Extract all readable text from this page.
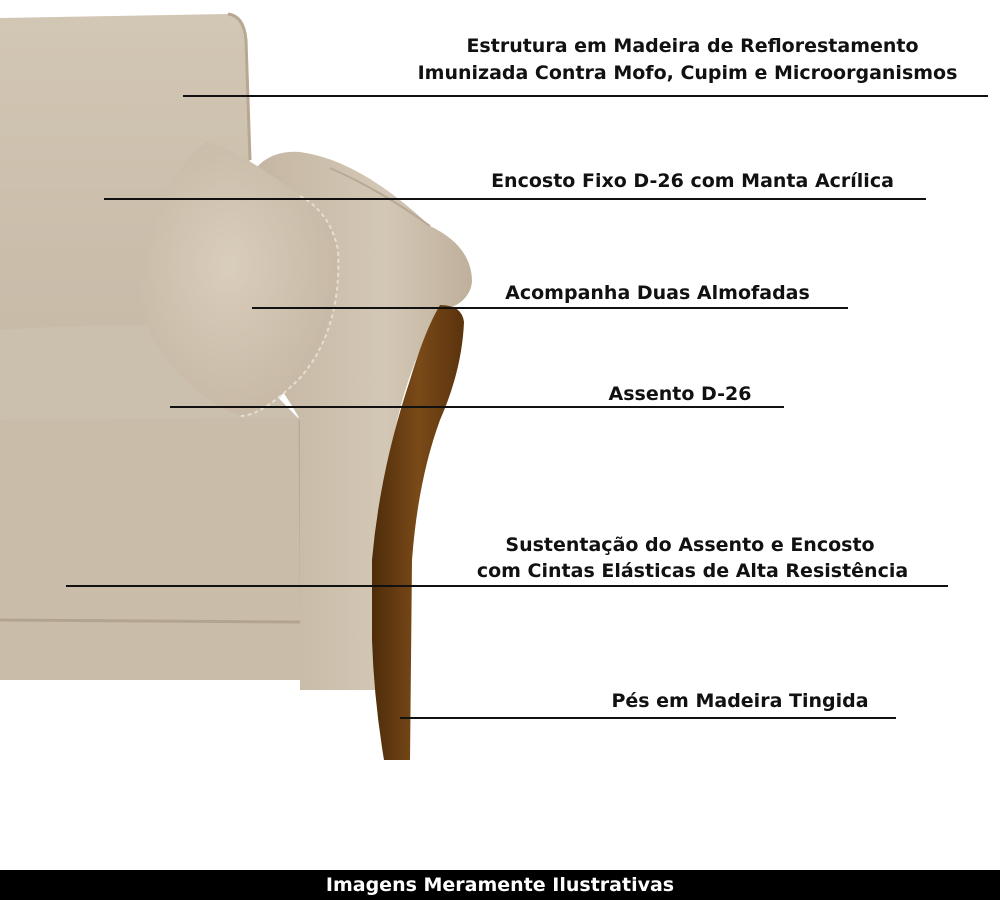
Estrutura em Madeira de Reflorestamento
Imunizada Contra Mofo, Cupim e Microorganismos
Encosto Fixo D-26 com Manta Acrílica
Acompanha Duas Almofadas
Assento D-26
Sustentação do Assento e Encosto
com Cintas Elásticas de Alta Resistência
Pés em Madeira Tingida
Imagens Meramente Ilustrativas
